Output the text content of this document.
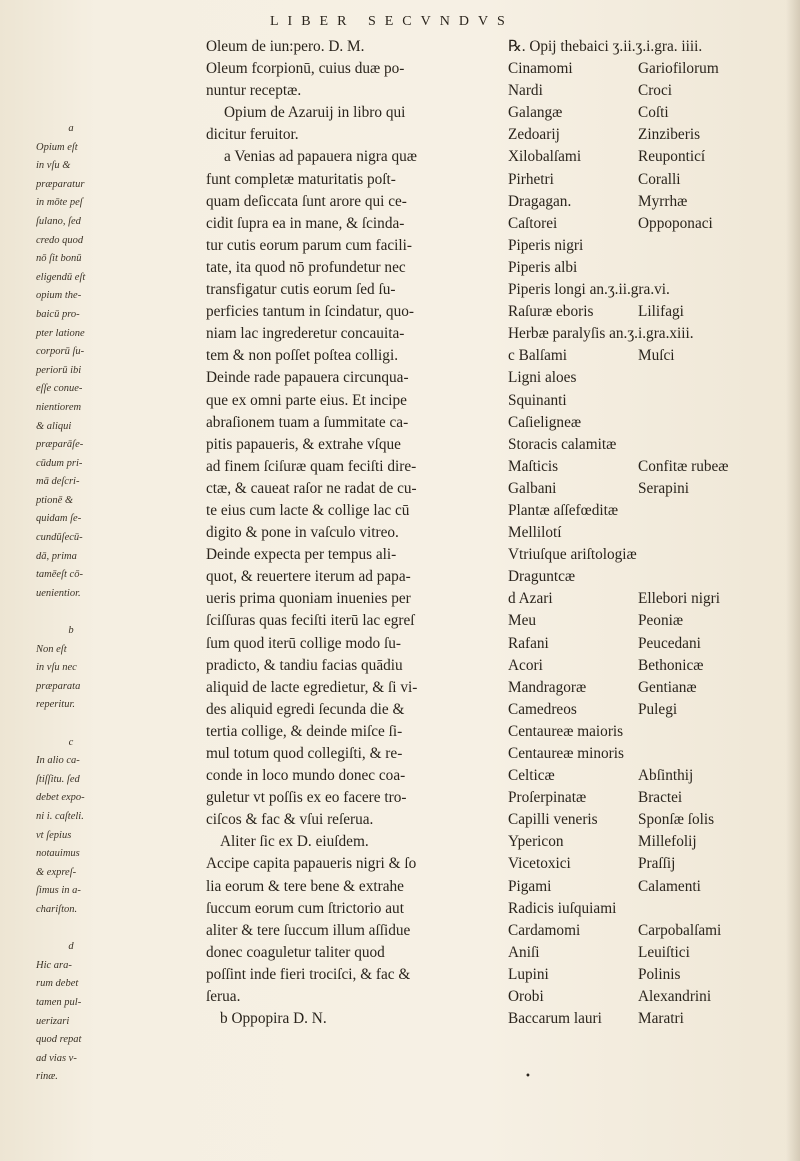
LIBER SECVNDVS
a
Opium eſt
in vſu &
præparatur
in mōte peſ
ſulano, ſed
credo quod
nō ſit bonū
eligendū eſt
opium the-
baicū pro-
pter latione
corporū ſu-
periorū ibi
eſſe conue-
nientiorem
& aliqui
præparāſe-
cūdum pri-
mā deſcri-
ptionē &
quidam ſe-
cundūſecū-
dā, prima
tamēeſt cō-
uenientior.

b
Non eſt
in vſu nec
præparata
reperitur.

c
In alio ca-
ſtiſſitu. ſed
debet expo-
ni i. caſteli.
vt ſepius
notauimus
& expreſ-
ſimus in a-
chariſton.

d
Hic ara-
rum debet
tamen pul-
uerizari
quod repat
ad vias v-
rinæ.
Oleum de iun:pero. D. M.
Oleum fcorpionū, cuius duæ po-
nuntur receptæ.
Opium de Azaruij in libro qui
dicitur feruitor.
a Venias ad papauera nigra quæ
funt completæ maturitatis poſt-
quam deſiccata ſunt arore qui ce-
cidit ſupra ea in mane, & ſcinda-
tur cutis eorum parum cum facili-
tate, ita quod nō profundetur nec
transfigatur cutis eorum ſed ſu-
perficies tantum in ſcindatur, quo-
niam lac ingrederetur concauita-
tem & non poſſet poſtea colligi.
Deinde rade papauera circunqua-
que ex omni parte eius. Et incipe
abraſionem tuam a ſummitate ca-
pitis papaueris, & extrahe vſque
ad finem ſciſuræ quam feciſti dire-
ctæ, & caueat raſor ne radat de cu-
te eius cum lacte & collige lac cū
digito & pone in vaſculo vitreo.
Deinde expecta per tempus ali-
quot, & reuertere iterum ad papa-
ueris prima quoniam inuenies per
ſciſſuras quas feciſti iterū lac egreſ
ſum quod iterū collige modo ſu-
pradicto, & tandiu facias quādiu
aliquid de lacte egredietur, & ſi vi-
des aliquid egredi ſecunda die &
tertia collige, & deinde miſce ſi-
mul totum quod collegiſti, & re-
conde in loco mundo donec coa-
guletur vt poſſis ex eo facere tro-
ciſcos & fac & vſui reſerua.
Aliter ſic ex D. eiuſdem.
Accipe capita papaueris nigri & ſo
lia eorum & tere bene & extrahe
ſuccum eorum cum ſtrictorio aut
aliter & tere ſuccum illum aſſidue
donec coaguletur taliter quod
poſſint inde fieri trociſci, & fac &
ſerua.
b Oppopira D. N.
℞. Opij thebaici ʒ.ii.ʒ.i.gra. iiii.
Cinamomi	Gariofilorum
Nardi	Croci
Galangæ	Coſti
Zedoarij	Zinziberis
Xilobalſami	Reuponticí
Pirhetri	Coralli
Dragagan.	Myrrhæ
Caſtorei	Oppoponaci
Piperis nigri
Piperis albi
Piperis longi an.ʒ.ii.gra.vi.
Raſuræ eboris	Lilifagi
Herbæ paralyſis an.ʒ.i.gra.xiii.
c Balſami	Muſci
Ligni aloes
Squinanti
Caſieligneæ
Storacis calamitæ
Maſticis	Confitæ rubeæ
Galbani	Serapini
Plantæ aſſefœditæ
Mellilotí
Vtriuſque ariſtologiæ
Draguntcæ
d Azari	Ellebori nigri
Meu	Peoniæ
Rafani	Peucedani
Acori	Bethonicæ
Mandragoræ	Gentianæ
Camedreos	Pulegi
Centaureæ maioris
Centaureæ minoris
Celticæ	Abſinthij
Proſerpinatæ	Bractei
Capilli veneris	Sponſæ ſolis
Ypericon	Millefolij
Vicetoxici	Praſſij
Pigami	Calamenti
Radicis iuſquiami
Cardamomi	Carpobalſami
Aniſi	Leuiſtici
Lupini	Polinis
Orobi	Alexandrini
Baccarum lauri	Maratri
•
